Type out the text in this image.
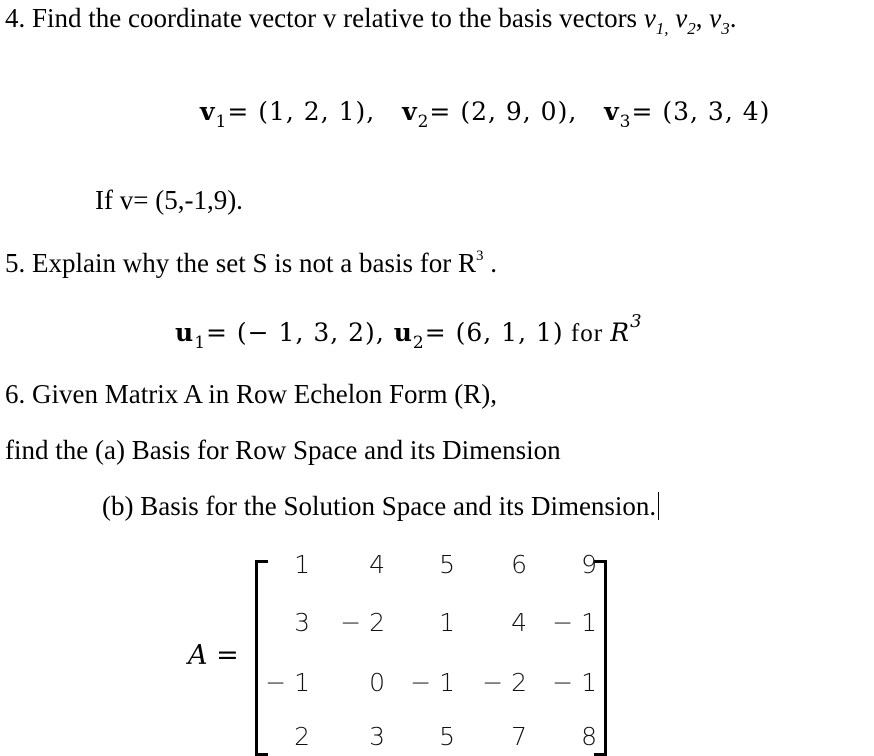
4. Find the coordinate vector v relative to the basis vectors $v_{1,}$ $v_2$, $v_3$.
$v_1= (1$, 2, 1), $v_2= (2$, 9, 0), $v_3= (3$, 3, 4)
If v= (5,-1,9).
5. Explain why the set S is not a basis for $R^3$ .
$u_1=$ (− 1, 3, 2), $u_2= (6$, 1, 1) for $R^3$
6. Given Matrix A in Row Echelon Form (R),
find the (a) Basis for Row Space and its Dimension
(b) Basis for the Solution Space and its Dimension.
A =
1	4	5	6	9
3	− 2	1	4	− 1
− 1	0	− 1	− 2	− 1
2	3	5	7	8
